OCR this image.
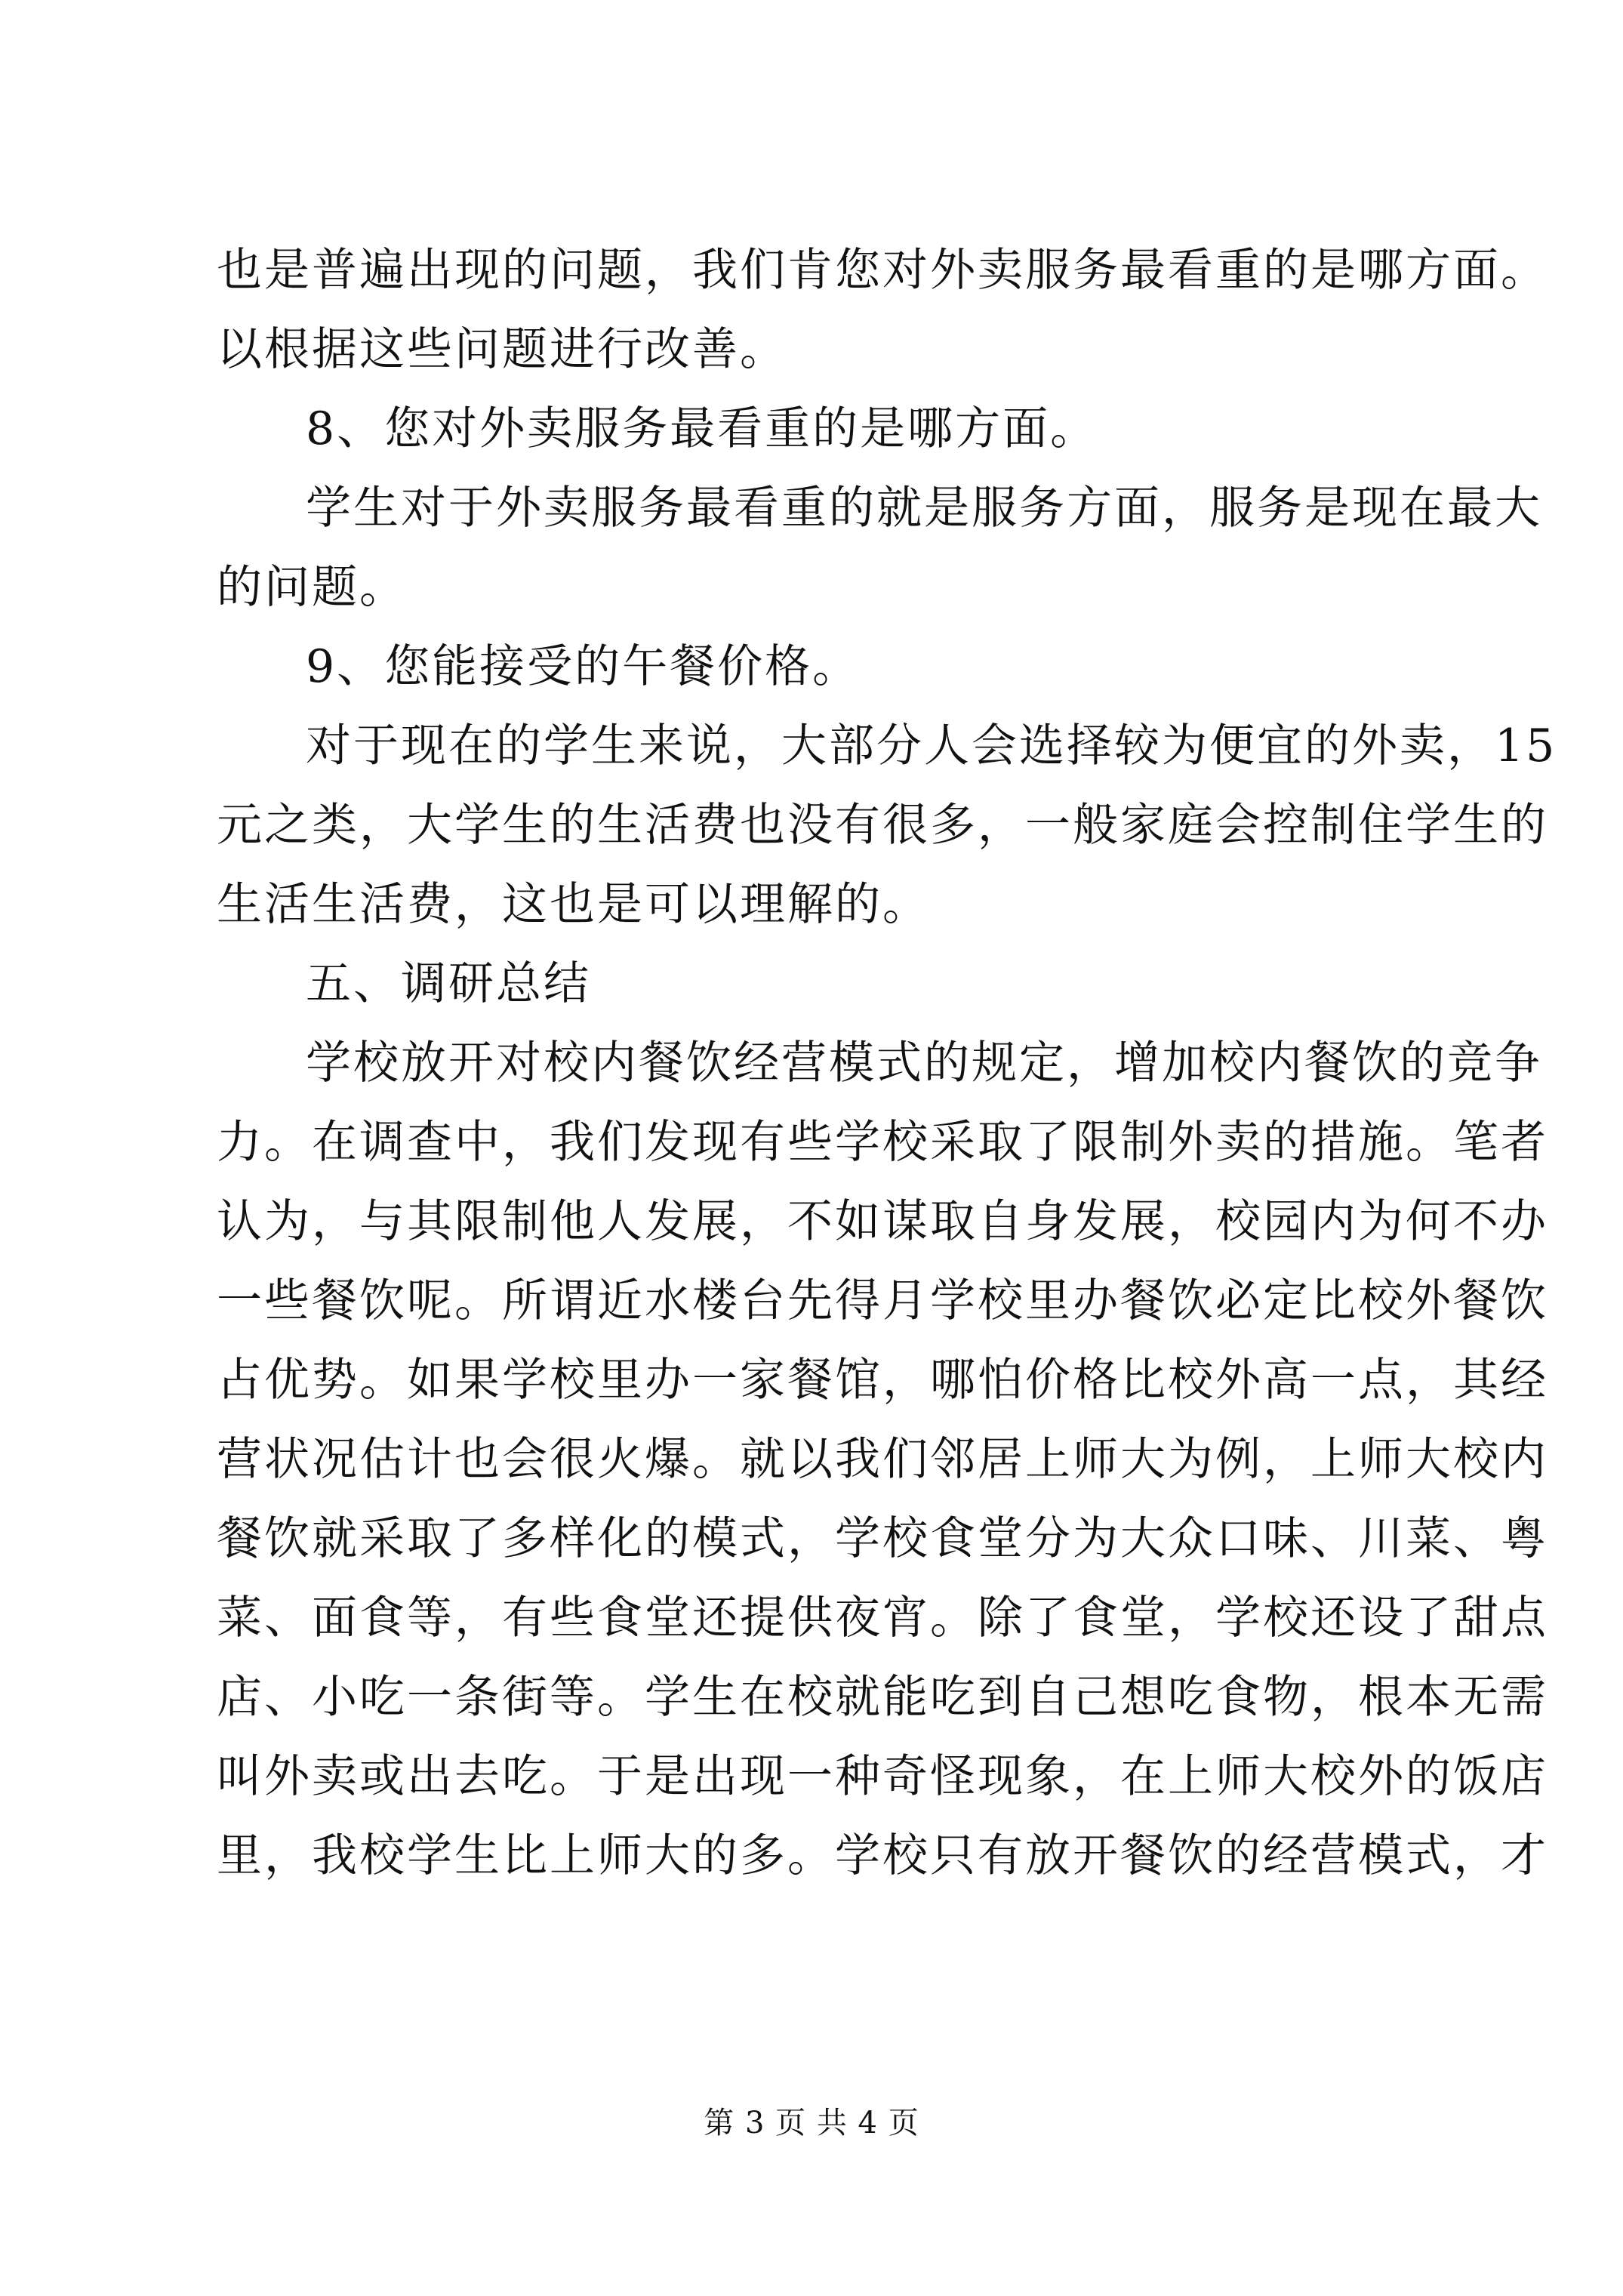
也是普遍出现的问题，我们肯您对外卖服务最看重的是哪方面。
以根据这些问题进行改善。
8、您对外卖服务最看重的是哪方面。
学生对于外卖服务最看重的就是服务方面，服务是现在最大
的问题。
9、您能接受的午餐价格。
对于现在的学生来说，大部分人会选择较为便宜的外卖，15
元之类，大学生的生活费也没有很多，一般家庭会控制住学生的
生活生活费，这也是可以理解的。
五、调研总结
学校放开对校内餐饮经营模式的规定，增加校内餐饮的竞争
力。在调查中，我们发现有些学校采取了限制外卖的措施。笔者
认为，与其限制他人发展，不如谋取自身发展，校园内为何不办
一些餐饮呢。所谓近水楼台先得月学校里办餐饮必定比校外餐饮
占优势。如果学校里办一家餐馆，哪怕价格比校外高一点，其经
营状况估计也会很火爆。就以我们邻居上师大为例，上师大校内
餐饮就采取了多样化的模式，学校食堂分为大众口味、川菜、粤
菜、面食等，有些食堂还提供夜宵。除了食堂，学校还设了甜点
店、小吃一条街等。学生在校就能吃到自己想吃食物，根本无需
叫外卖或出去吃。于是出现一种奇怪现象，在上师大校外的饭店
里，我校学生比上师大的多。学校只有放开餐饮的经营模式，才
第 3 页 共 4 页
